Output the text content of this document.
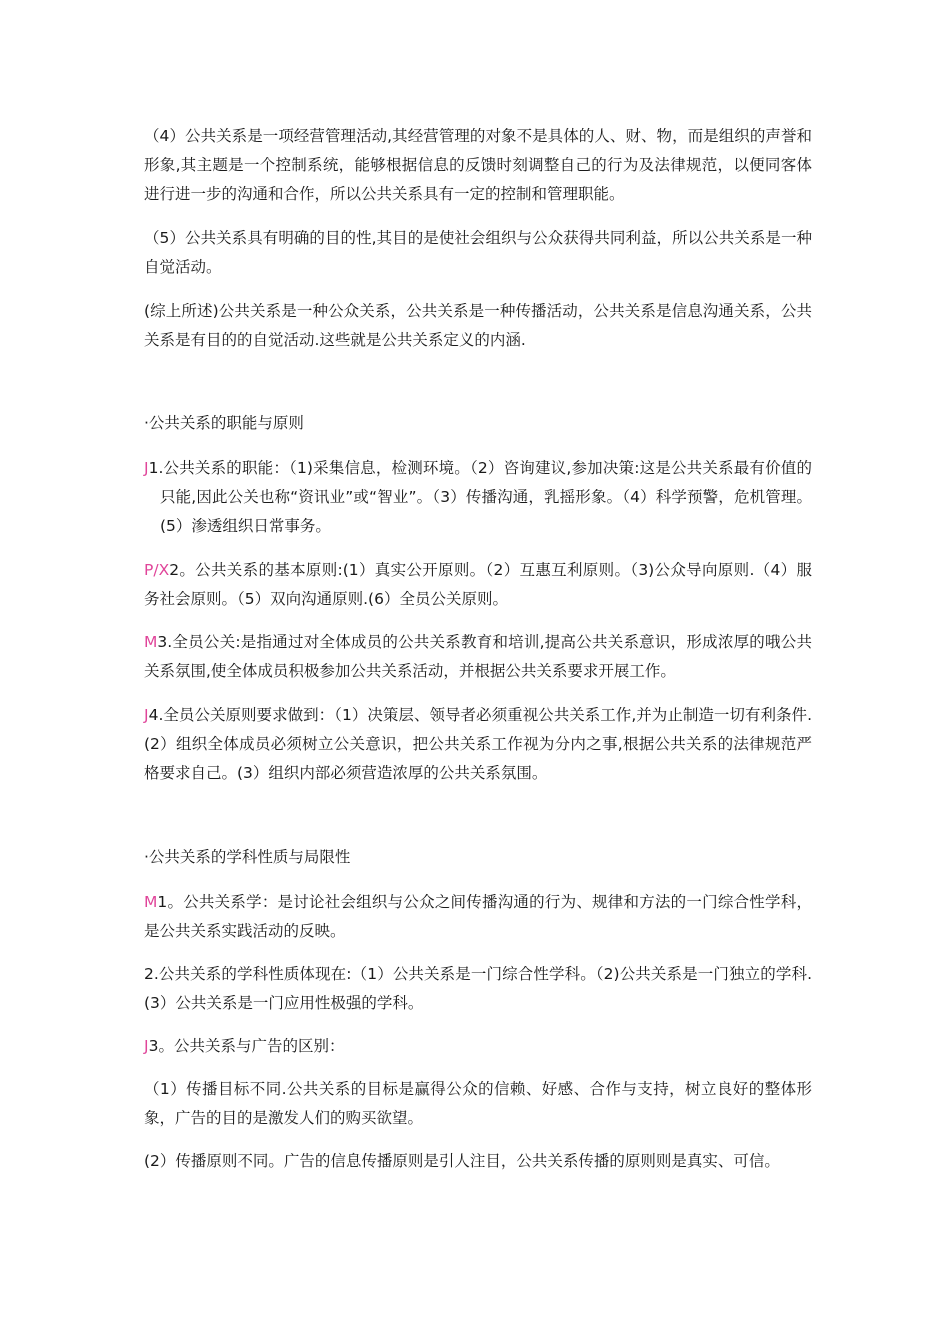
（4）公共关系是一项经营管理活动,其经营管理的对象不是具体的人、财、物，而是组织的声誉和形象,其主题是一个控制系统，能够根据信息的反馈时刻调整自己的行为及法律规范，以便同客体进行进一步的沟通和合作，所以公共关系具有一定的控制和管理职能。

（5）公共关系具有明确的目的性,其目的是使社会组织与公众获得共同利益，所以公共关系是一种自觉活动。

(综上所述)公共关系是一种公众关系，公共关系是一种传播活动，公共关系是信息沟通关系，公共关系是有目的的自觉活动.这些就是公共关系定义的内涵.

·公共关系的职能与原则

J1.公共关系的职能：（1)采集信息，检测环境。（2）咨询建议,参加决策:这是公共关系最有价值的只能,因此公关也称“资讯业”或“智业”。（3）传播沟通，乳摇形象。（4）科学预警，危机管理。(5）渗透组织日常事务。

P/X2。公共关系的基本原则:(1）真实公开原则。（2）互惠互利原则。（3)公众导向原则.（4）服务社会原则。（5）双向沟通原则.(6）全员公关原则。

M3.全员公关:是指通过对全体成员的公共关系教育和培训,提高公共关系意识，形成浓厚的哦公共关系氛围,使全体成员积极参加公共关系活动，并根据公共关系要求开展工作。

J4.全员公关原则要求做到：（1）决策层、领导者必须重视公共关系工作,并为止制造一切有利条件.(2）组织全体成员必须树立公关意识，把公共关系工作视为分内之事,根据公共关系的法律规范严格要求自己。(3）组织内部必须营造浓厚的公共关系氛围。

·公共关系的学科性质与局限性

M1。公共关系学：是讨论社会组织与公众之间传播沟通的行为、规律和方法的一门综合性学科，是公共关系实践活动的反映。

2.公共关系的学科性质体现在:（1）公共关系是一门综合性学科。（2)公共关系是一门独立的学科.(3）公共关系是一门应用性极强的学科。

J3。公共关系与广告的区别：

（1）传播目标不同.公共关系的目标是赢得公众的信赖、好感、合作与支持，树立良好的整体形象，广告的目的是激发人们的购买欲望。

(2）传播原则不同。广告的信息传播原则是引人注目，公共关系传播的原则则是真实、可信。
